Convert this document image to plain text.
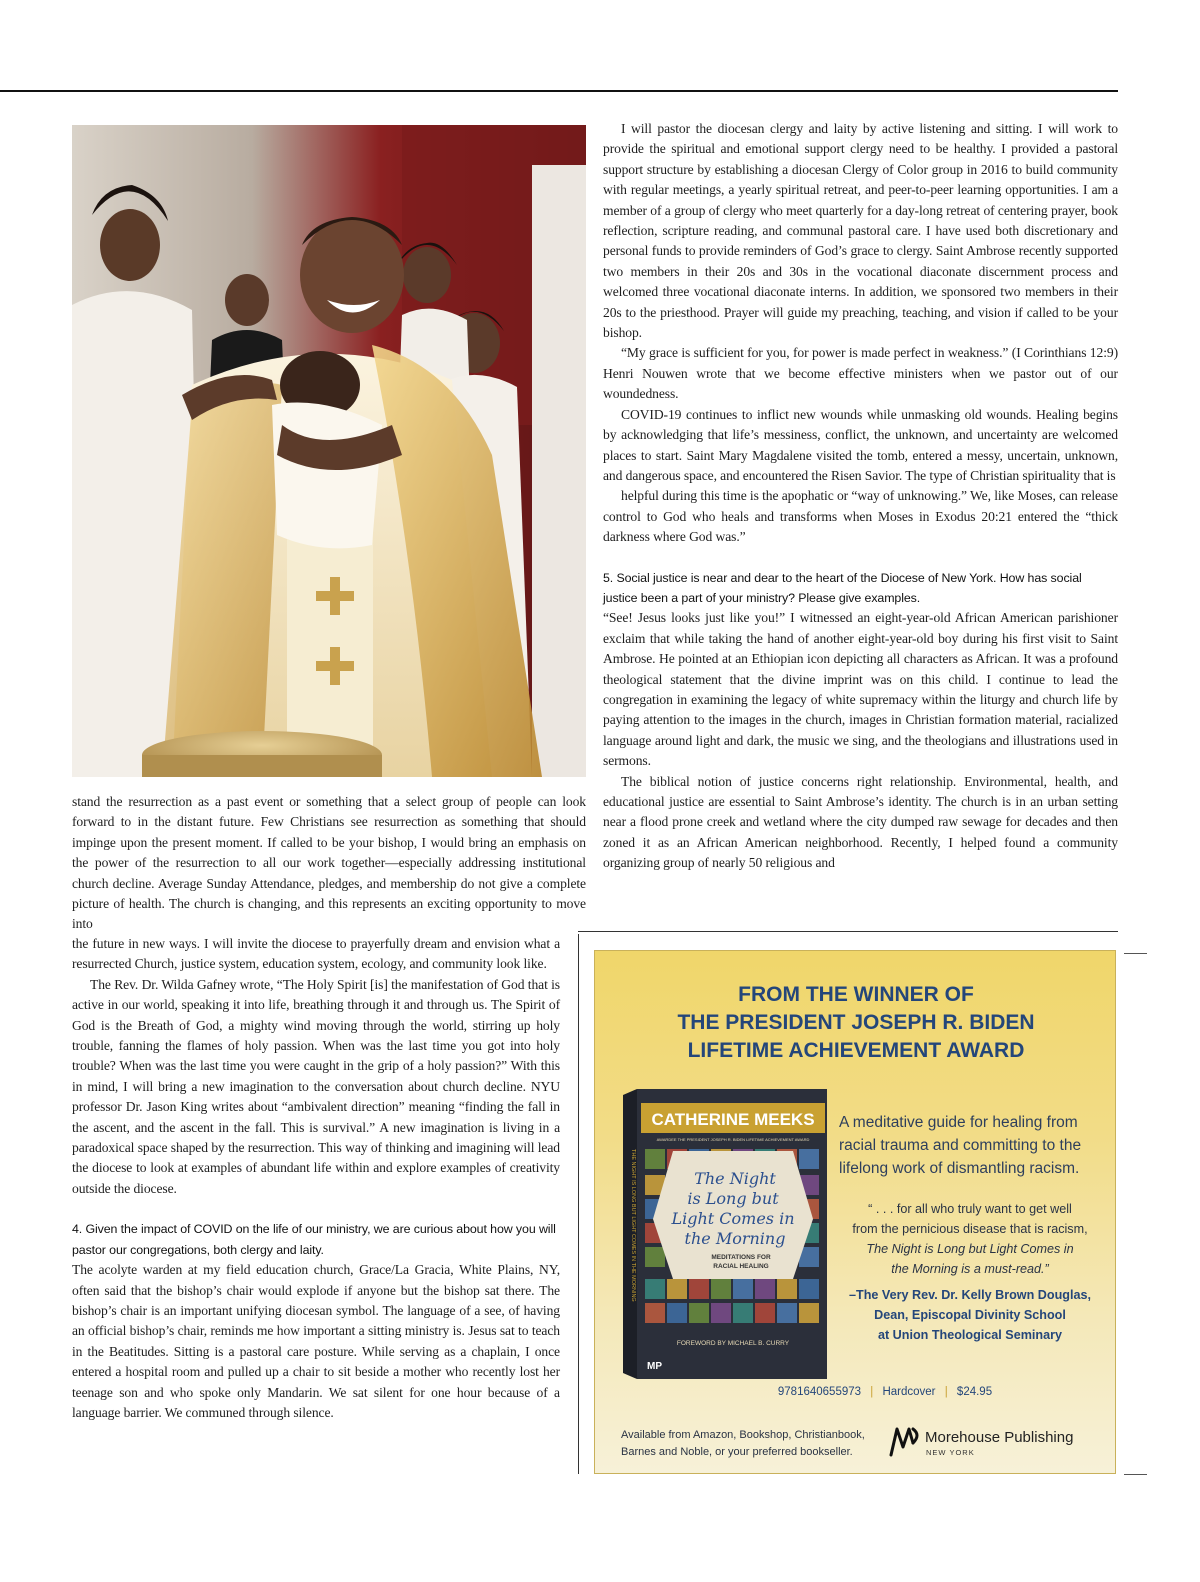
stand the resurrection as a past event or something that a select group of people can look forward to in the distant future. Few Christians see resurrection as something that should impinge upon the present moment. If called to be your bishop, I would bring an emphasis on the power of the resurrection to all our work together—especially addressing institutional church decline. Average Sunday Attendance, pledges, and membership do not give a complete picture of health. The church is changing, and this represents an exciting opportunity to move into

the future in new ways. I will invite the diocese to prayerfully dream and envision what a resurrected Church, justice system, education system, ecology, and community look like.

The Rev. Dr. Wilda Gafney wrote, “The Holy Spirit [is] the manifestation of God that is active in our world, speaking it into life, breathing through it and through us. The Spirit of God is the Breath of God, a mighty wind moving through the world, stirring up holy trouble, fanning the flames of holy passion. When was the last time you got into holy trouble? When was the last time you were caught in the grip of a holy passion?” With this in mind, I will bring a new imagination to the conversation about church decline. NYU professor Dr. Jason King writes about “ambivalent direction” meaning “finding the fall in the ascent, and the ascent in the fall. This is survival.” A new imagination is living in a paradoxical space shaped by the resurrection. This way of thinking and imagining will lead the diocese to look at examples of abundant life within and explore examples of creativity outside the diocese.

4. Given the impact of COVID on the life of our ministry, we are curious about how you will pastor our congregations, both clergy and laity.

The acolyte warden at my field education church, Grace/La Gracia, White Plains, NY, often said that the bishop’s chair would explode if anyone but the bishop sat there. The bishop’s chair is an important unifying diocesan symbol. The language of a see, of having an official bishop’s chair, reminds me how important a sitting ministry is. Jesus sat to teach in the Beatitudes. Sitting is a pastoral care posture. While serving as a chaplain, I once entered a hospital room and pulled up a chair to sit beside a mother who recently lost her teenage son and who spoke only Mandarin. We sat silent for one hour because of a language barrier. We communed through silence.

I will pastor the diocesan clergy and laity by active listening and sitting. I will work to provide the spiritual and emotional support clergy need to be healthy. I provided a pastoral support structure by establishing a diocesan Clergy of Color group in 2016 to build community with regular meetings, a yearly spiritual retreat, and peer-to-peer learning opportunities. I am a member of a group of clergy who meet quarterly for a day-long retreat of centering prayer, book reflection, scripture reading, and communal pastoral care. I have used both discretionary and personal funds to provide reminders of God’s grace to clergy. Saint Ambrose recently supported two members in their 20s and 30s in the vocational diaconate discernment process and welcomed three vocational diaconate interns. In addition, we sponsored two members in their 20s to the priesthood. Prayer will guide my preaching, teaching, and vision if called to be your bishop.

“My grace is sufficient for you, for power is made perfect in weakness.” (I Corinthians 12:9) Henri Nouwen wrote that we become effective ministers when we pastor out of our woundedness.

COVID-19 continues to inflict new wounds while unmasking old wounds. Healing begins by acknowledging that life’s messiness, conflict, the unknown, and uncertainty are welcomed places to start. Saint Mary Magdalene visited the tomb, entered a messy, uncertain, unknown, and dangerous space, and encountered the Risen Savior. The type of Christian spirituality that is

helpful during this time is the apophatic or “way of unknowing.” We, like Moses, can release control to God who heals and transforms when Moses in Exodus 20:21 entered the “thick darkness where God was.”

5. Social justice is near and dear to the heart of the Diocese of New York. How has social justice been a part of your ministry? Please give examples.

“See! Jesus looks just like you!” I witnessed an eight-year-old African American parishioner exclaim that while taking the hand of another eight-year-old boy during his first visit to Saint Ambrose. He pointed at an Ethiopian icon depicting all characters as African. It was a profound theological statement that the divine imprint was on this child. I continue to lead the congregation in examining the legacy of white supremacy within the liturgy and church life by paying attention to the images in the church, images in Christian formation material, racialized language around light and dark, the music we sing, and the theologians and illustrations used in sermons.

The biblical notion of justice concerns right relationship. Environmental, health, and educational justice are essential to Saint Ambrose’s identity. The church is in an urban setting near a flood prone creek and wetland where the city dumped raw sewage for decades and then zoned it as an African American neighborhood. Recently, I helped found a community organizing group of nearly 50 religious and

FROM THE WINNER OF
THE PRESIDENT JOSEPH R. BIDEN
LIFETIME ACHIEVEMENT AWARD
CATHERINE MEEKS
AWARDEE THE PRESIDENT JOSEPH R. BIDEN LIFETIME ACHIEVEMENT AWARD
The Night
is Long but
Light Comes in
the Morning
MEDITATIONS FOR
RACIAL HEALING
FOREWORD BY MICHAEL B. CURRY
MP
THE NIGHT IS LONG BUT LIGHT COMES IN THE MORNING
A meditative guide for healing from racial trauma and committing to the lifelong work of dismantling racism.
“ . . . for all who truly want to get well
from the pernicious disease that is racism,
The Night is Long but Light Comes in
the Morning is a must-read.”
–The Very Rev. Dr. Kelly Brown Douglas,
Dean, Episcopal Divinity School
at Union Theological Seminary
9781640655973 | Hardcover | $24.95
Available from Amazon, Bookshop, Christianbook,
Barnes and Noble, or your preferred bookseller.
Morehouse Publishing
NEW YORK
